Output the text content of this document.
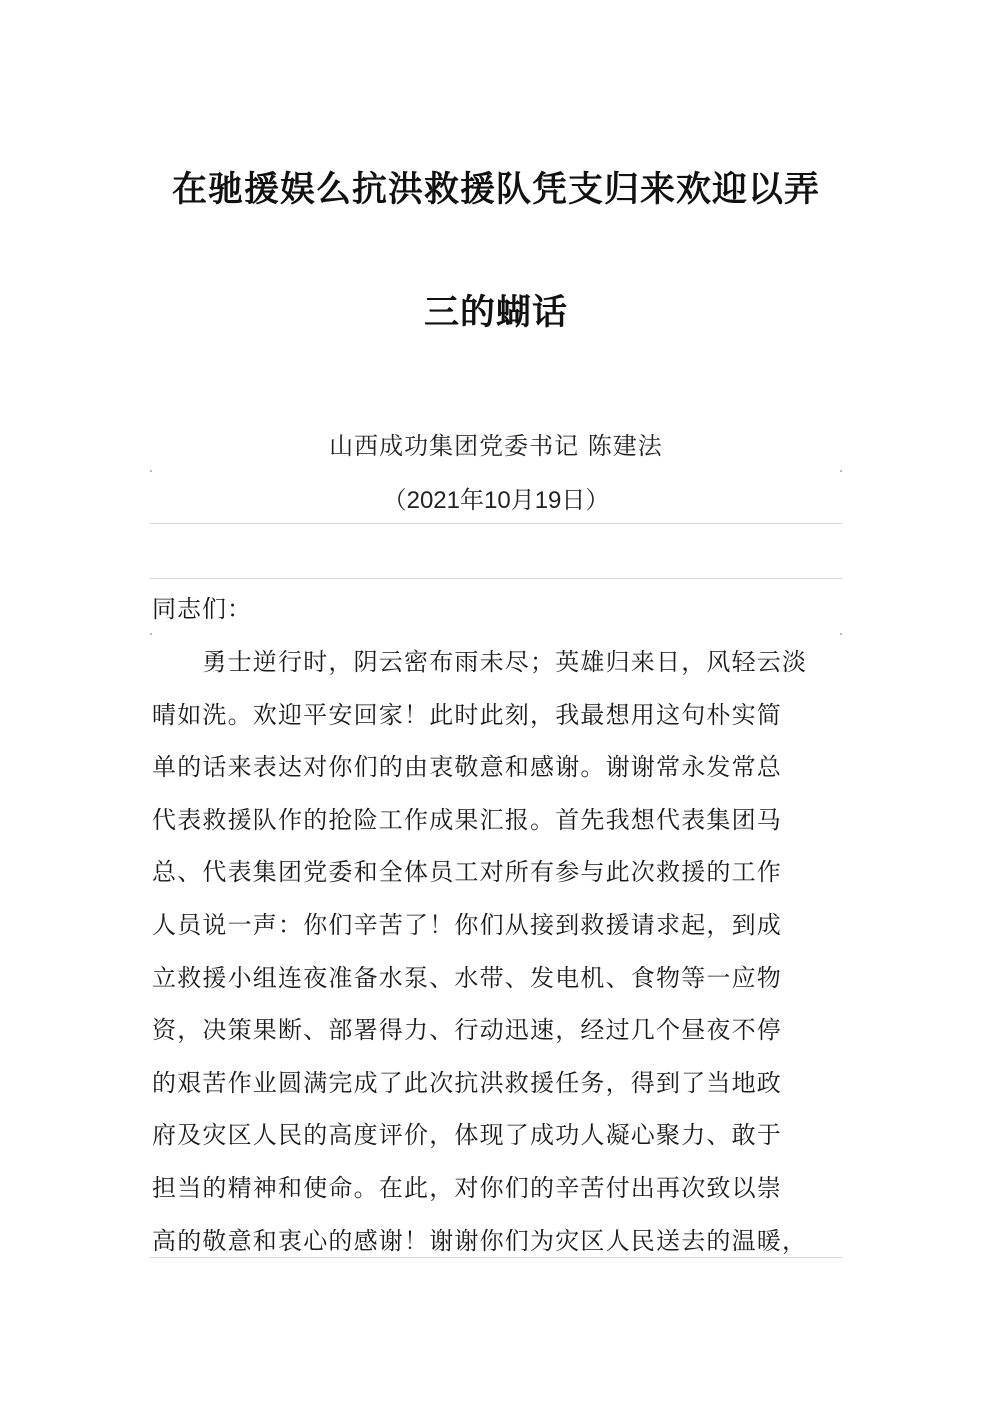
在驰援娱么抗洪救援队凭支归来欢迎以弄
三的蝴话
山西成功集团党委书记 陈建法
（2021年10月19日）
同志们：
　　勇士逆行时，阴云密布雨未尽；英雄归来日，风轻云淡
晴如洗。欢迎平安回家！此时此刻，我最想用这句朴实简
单的话来表达对你们的由衷敬意和感谢。谢谢常永发常总
代表救援队作的抢险工作成果汇报。首先我想代表集团马
总、代表集团党委和全体员工对所有参与此次救援的工作
人员说一声：你们辛苦了！你们从接到救援请求起，到成
立救援小组连夜准备水泵、水带、发电机、食物等一应物
资，决策果断、部署得力、行动迅速，经过几个昼夜不停
的艰苦作业圆满完成了此次抗洪救援任务，得到了当地政
府及灾区人民的高度评价，体现了成功人凝心聚力、敢于
担当的精神和使命。在此，对你们的辛苦付出再次致以崇
高的敬意和衷心的感谢！谢谢你们为灾区人民送去的温暖，
